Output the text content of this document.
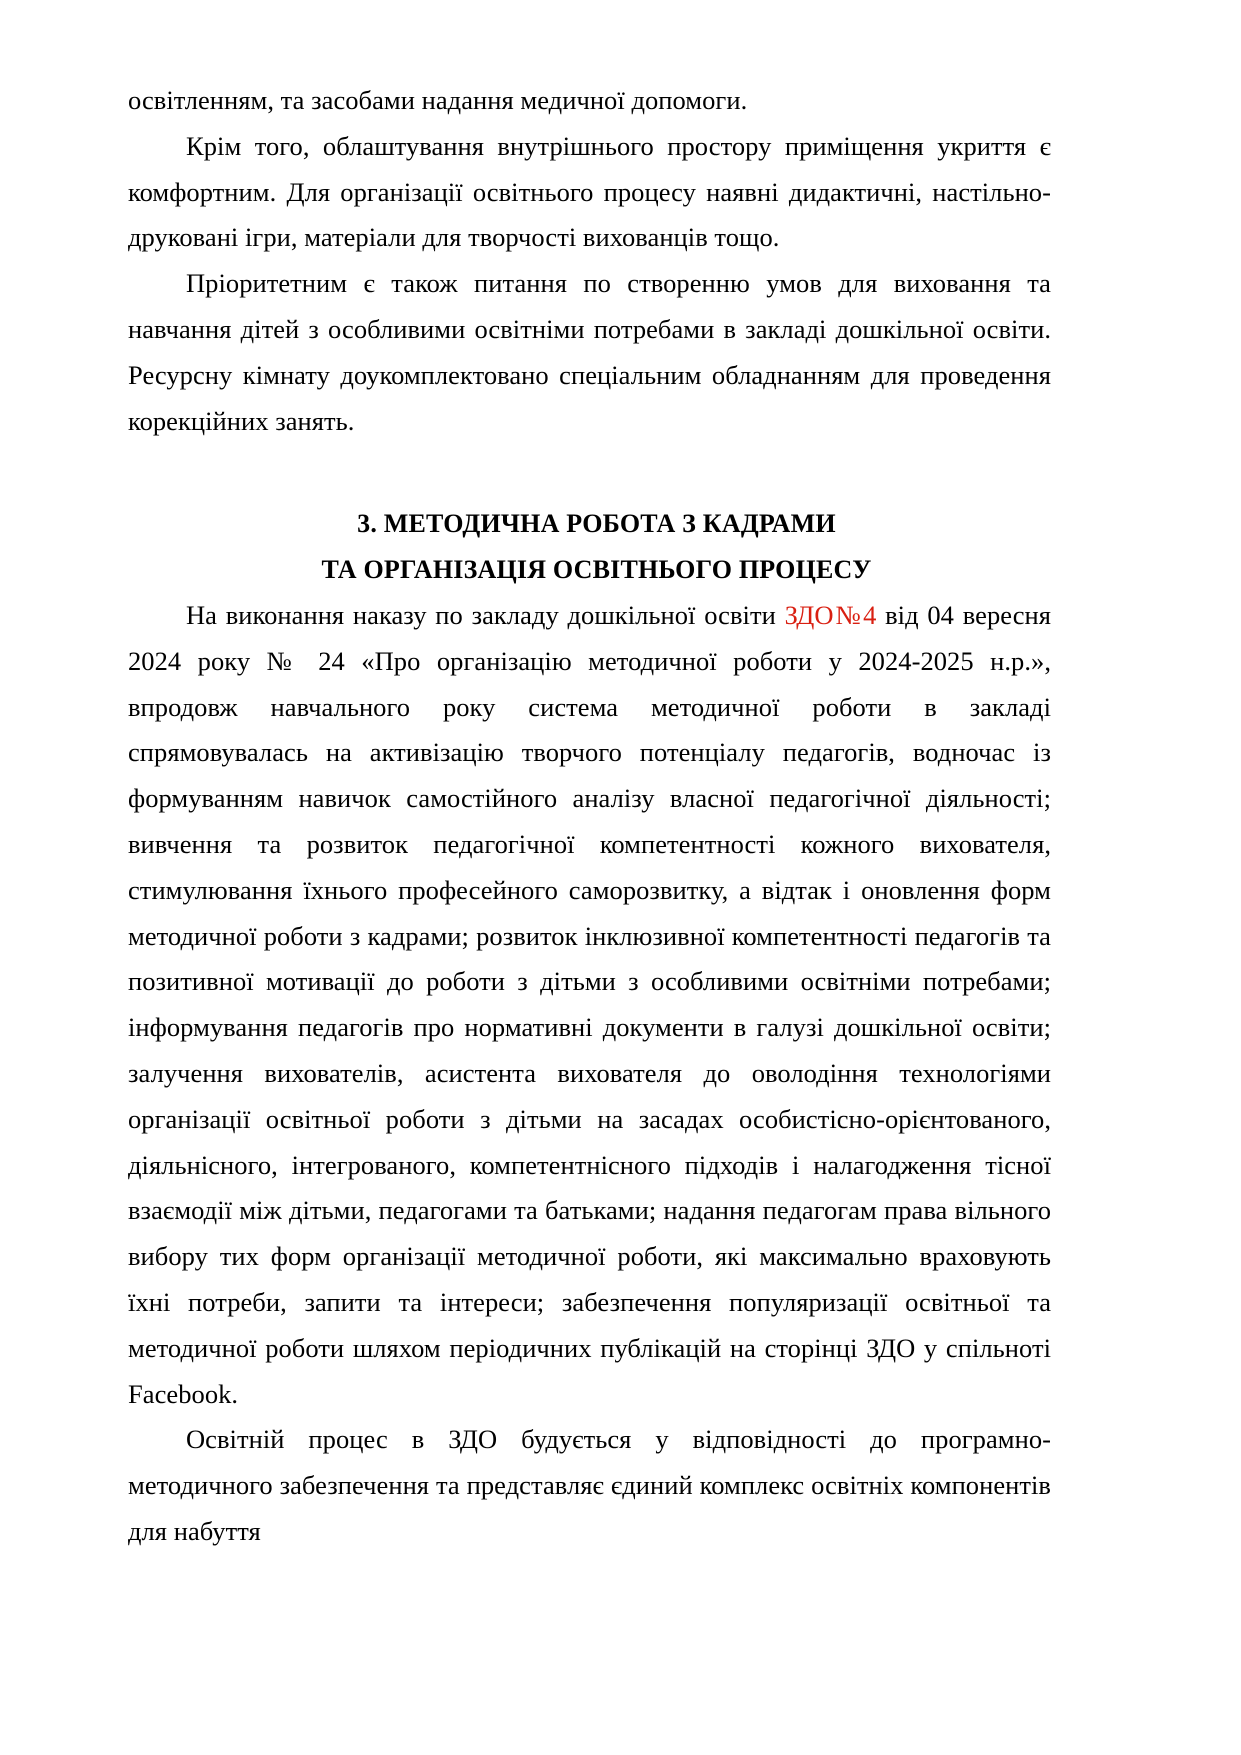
освітленням, та засобами надання медичної допомоги.

Крім того, облаштування внутрішнього простору приміщення укриття є комфортним. Для організації освітнього процесу наявні дидактичні, настільно-друковані ігри, матеріали для творчості вихованців тощо.

Пріоритетним є також питання по створенню умов для виховання та навчання дітей з особливими освітніми потребами в закладі дошкільної освіти. Ресурсну кімнату доукомплектовано спеціальним обладнанням для проведення корекційних занять.

3. МЕТОДИЧНА РОБОТА З КАДРАМИ
ТА ОРГАНІЗАЦІЯ ОСВІТНЬОГО ПРОЦЕСУ

На виконання наказу по закладу дошкільної освіти ЗДО№4 від 04 вересня 2024 року № 24 «Про організацію методичної роботи у 2024-2025 н.р.», впродовж навчального року система методичної роботи в закладі спрямовувалась на активізацію творчого потенціалу педагогів, водночас із формуванням навичок самостійного аналізу власної педагогічної діяльності; вивчення та розвиток педагогічної компетентності кожного вихователя, стимулювання їхнього професейного саморозвитку, а відтак і оновлення форм методичної роботи з кадрами; розвиток інклюзивної компетентності педагогів та позитивної мотивації до роботи з дітьми з особливими освітніми потребами; інформування педагогів про нормативні документи в галузі дошкільної освіти; залучення вихователів, асистента вихователя до оволодіння технологіями організації освітньої роботи з дітьми на засадах особистісно-орієнтованого, діяльнісного, інтегрованого, компетентнісного підходів і налагодження тісної взаємодії між дітьми, педагогами та батьками; надання педагогам права вільного вибору тих форм організації методичної роботи, які максимально враховують їхні потреби, запити та інтереси; забезпечення популяризації освітньої та методичної роботи шляхом періодичних публікацій на сторінці ЗДО у спільноті Facebook.

Освітній процес в ЗДО будується у відповідності до програмно-методичного забезпечення та представляє єдиний комплекс освітніх компонентів для набуття
